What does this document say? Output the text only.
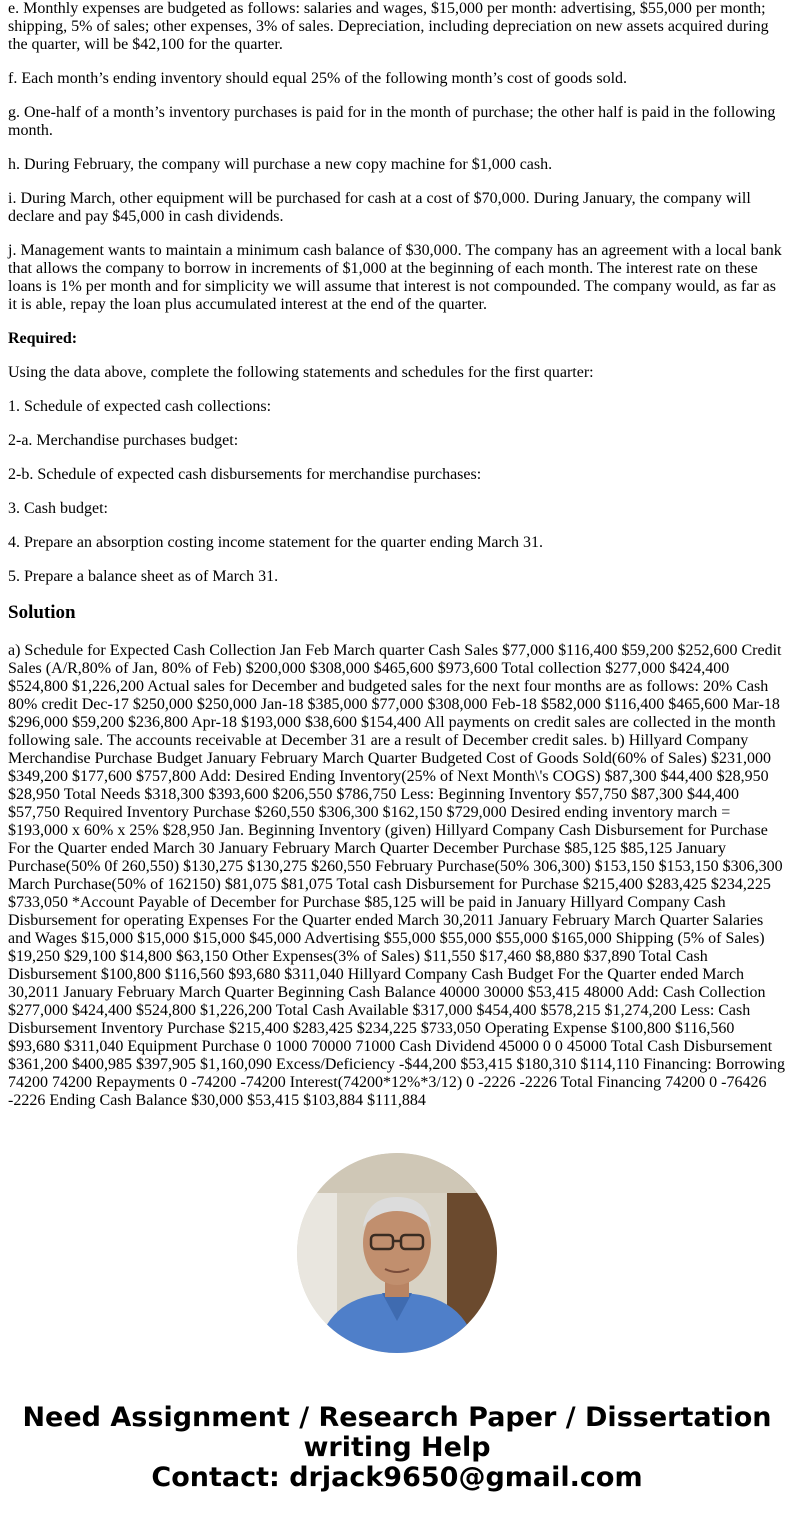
e. Monthly expenses are budgeted as follows: salaries and wages, $15,000 per month: advertising, $55,000 per month; shipping, 5% of sales; other expenses, 3% of sales. Depreciation, including depreciation on new assets acquired during the quarter, will be $42,100 for the quarter.

f. Each month’s ending inventory should equal 25% of the following month’s cost of goods sold.

g. One-half of a month’s inventory purchases is paid for in the month of purchase; the other half is paid in the following month.

h. During February, the company will purchase a new copy machine for $1,000 cash.

i. During March, other equipment will be purchased for cash at a cost of $70,000. During January, the company will declare and pay $45,000 in cash dividends.

j. Management wants to maintain a minimum cash balance of $30,000. The company has an agreement with a local bank that allows the company to borrow in increments of $1,000 at the beginning of each month. The interest rate on these loans is 1% per month and for simplicity we will assume that interest is not compounded. The company would, as far as it is able, repay the loan plus accumulated interest at the end of the quarter.

Required:

Using the data above, complete the following statements and schedules for the first quarter:

1. Schedule of expected cash collections:

2-a. Merchandise purchases budget:

2-b. Schedule of expected cash disbursements for merchandise purchases:

3. Cash budget:

4. Prepare an absorption costing income statement for the quarter ending March 31.

5. Prepare a balance sheet as of March 31.

Solution

a) Schedule for Expected Cash Collection Jan Feb March quarter Cash Sales $77,000 $116,400 $59,200 $252,600 Credit Sales (A/R,80% of Jan, 80% of Feb) $200,000 $308,000 $465,600 $973,600 Total collection $277,000 $424,400 $524,800 $1,226,200 Actual sales for December and budgeted sales for the next four months are as follows: 20% Cash 80% credit Dec-17 $250,000 $250,000 Jan-18 $385,000 $77,000 $308,000 Feb-18 $582,000 $116,400 $465,600 Mar-18 $296,000 $59,200 $236,800 Apr-18 $193,000 $38,600 $154,400 All payments on credit sales are collected in the month following sale. The accounts receivable at December 31 are a result of December credit sales. b) Hillyard Company Merchandise Purchase Budget January February March Quarter Budgeted Cost of Goods Sold(60% of Sales) $231,000 $349,200 $177,600 $757,800 Add: Desired Ending Inventory(25% of Next Month\'s COGS) $87,300 $44,400 $28,950 $28,950 Total Needs $318,300 $393,600 $206,550 $786,750 Less: Beginning Inventory $57,750 $87,300 $44,400 $57,750 Required Inventory Purchase $260,550 $306,300 $162,150 $729,000 Desired ending inventory march = $193,000 x 60% x 25% $28,950 Jan. Beginning Inventory (given) Hillyard Company Cash Disbursement for Purchase For the Quarter ended March 30 January February March Quarter December Purchase $85,125 $85,125 January Purchase(50% 0f 260,550) $130,275 $130,275 $260,550 February Purchase(50% 306,300) $153,150 $153,150 $306,300 March Purchase(50% of 162150) $81,075 $81,075 Total cash Disbursement for Purchase $215,400 $283,425 $234,225 $733,050 *Account Payable of December for Purchase $85,125 will be paid in January Hillyard Company Cash Disbursement for operating Expenses For the Quarter ended March 30,2011 January February March Quarter Salaries and Wages $15,000 $15,000 $15,000 $45,000 Advertising $55,000 $55,000 $55,000 $165,000 Shipping (5% of Sales) $19,250 $29,100 $14,800 $63,150 Other Expenses(3% of Sales) $11,550 $17,460 $8,880 $37,890 Total Cash Disbursement $100,800 $116,560 $93,680 $311,040 Hillyard Company Cash Budget For the Quarter ended March 30,2011 January February March Quarter Beginning Cash Balance 40000 30000 $53,415 48000 Add: Cash Collection $277,000 $424,400 $524,800 $1,226,200 Total Cash Available $317,000 $454,400 $578,215 $1,274,200 Less: Cash Disbursement Inventory Purchase $215,400 $283,425 $234,225 $733,050 Operating Expense $100,800 $116,560 $93,680 $311,040 Equipment Purchase 0 1000 70000 71000 Cash Dividend 45000 0 0 45000 Total Cash Disbursement $361,200 $400,985 $397,905 $1,160,090 Excess/Deficiency -$44,200 $53,415 $180,310 $114,110 Financing: Borrowing 74200 74200 Repayments 0 -74200 -74200 Interest(74200*12%*3/12) 0 -2226 -2226 Total Financing 74200 0 -76426 -2226 Ending Cash Balance $30,000 $53,415 $103,884 $111,884

Need Assignment / Research Paper / Dissertation writing Help
Contact: drjack9650@gmail.com
